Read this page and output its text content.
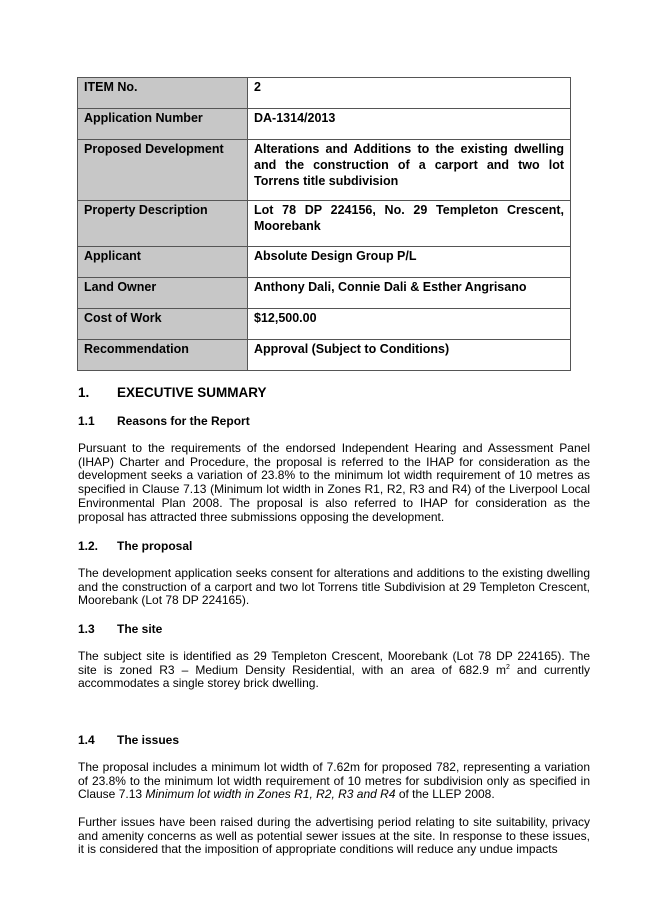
ITEM No.	2
Application Number	DA-1314/2013
Proposed Development	Alterations and Additions to the existing dwelling and the construction of a carport and two lot Torrens title subdivision
Property Description	Lot 78 DP 224156, No. 29 Templeton Crescent, Moorebank
Applicant	Absolute Design Group P/L
Land Owner	Anthony Dali, Connie Dali & Esther Angrisano
Cost of Work	$12,500.00
Recommendation	Approval (Subject to Conditions)
1. EXECUTIVE SUMMARY
1.1 Reasons for the Report
Pursuant to the requirements of the endorsed Independent Hearing and Assessment Panel (IHAP) Charter and Procedure, the proposal is referred to the IHAP for consideration as the development seeks a variation of 23.8% to the minimum lot width requirement of 10 metres as specified in Clause 7.13 (Minimum lot width in Zones R1, R2, R3 and R4) of the Liverpool Local Environmental Plan 2008. The proposal is also referred to IHAP for consideration as the proposal has attracted three submissions opposing the development.
1.2. The proposal
The development application seeks consent for alterations and additions to the existing dwelling and the construction of a carport and two lot Torrens title Subdivision at 29 Templeton Crescent, Moorebank (Lot 78 DP 224165).
1.3 The site
The subject site is identified as 29 Templeton Crescent, Moorebank (Lot 78 DP 224165). The site is zoned R3 – Medium Density Residential, with an area of 682.9 $m^2$ and currently accommodates a single storey brick dwelling.
1.4 The issues
The proposal includes a minimum lot width of 7.62m for proposed 782, representing a variation of 23.8% to the minimum lot width requirement of 10 metres for subdivision only as specified in Clause 7.13 Minimum lot width in Zones R1, R2, R3 and R4 of the LLEP 2008.
Further issues have been raised during the advertising period relating to site suitability, privacy and amenity concerns as well as potential sewer issues at the site. In response to these issues, it is considered that the imposition of appropriate conditions will reduce any undue impacts
